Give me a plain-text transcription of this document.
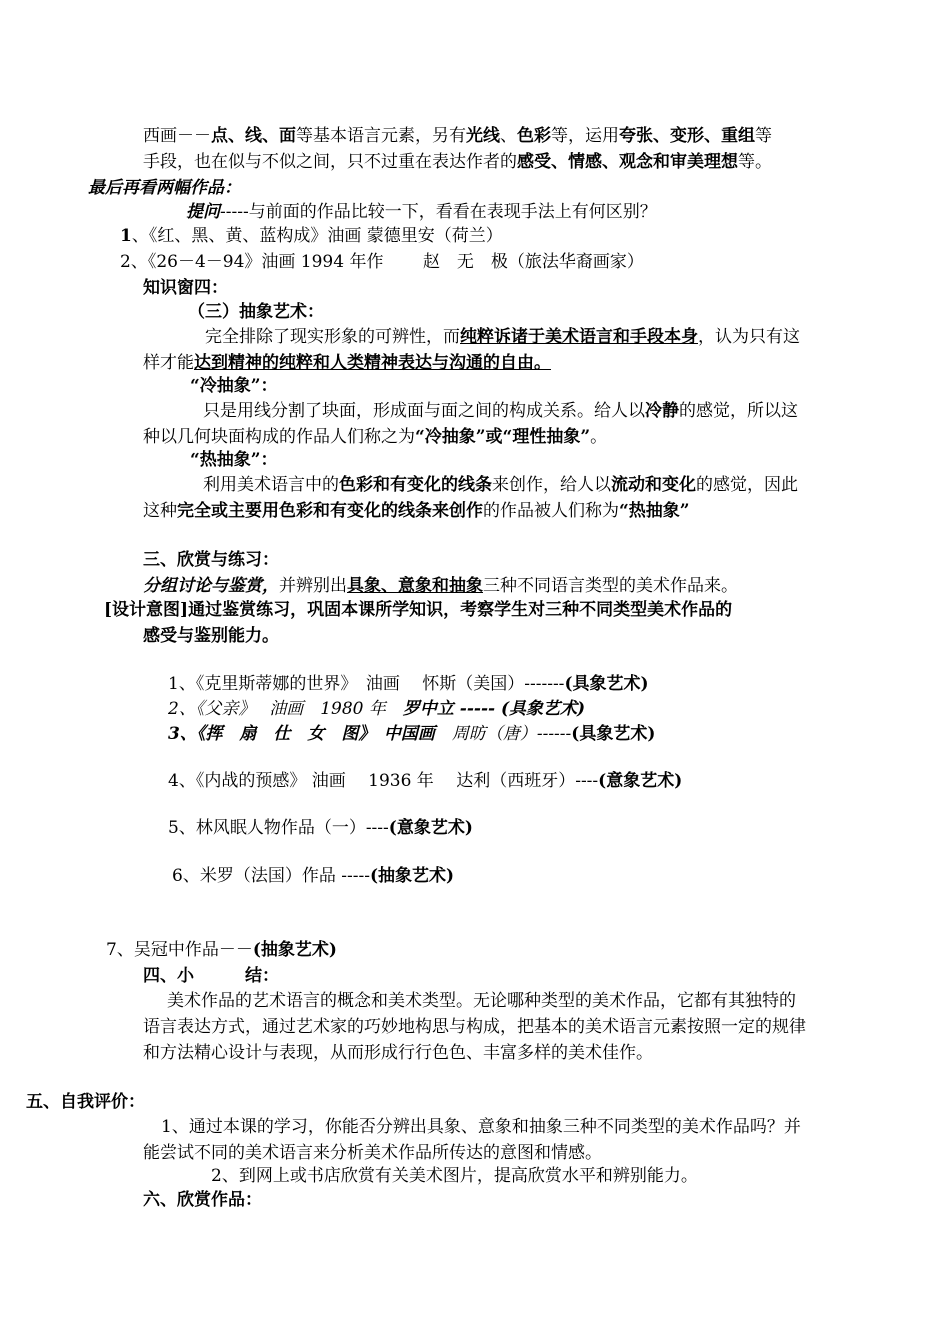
西画－－点、线、面等基本语言元素，另有光线、色彩等，运用夸张、变形、重组等
手段，也在似与不似之间，只不过重在表达作者的感受、情感、观念和审美理想等。
最后再看两幅作品：
提问-----与前面的作品比较一下，看看在表现手法上有何区别？
1、《红、黑、黄、蓝构成》油画 蒙德里安（荷兰）
2、《26－4－94》油画 1994 年作　　 赵　无　极（旅法华裔画家）
知识窗四：
（三）抽象艺术：
完全排除了现实形象的可辨性，而纯粹诉诸于美术语言和手段本身，认为只有这样才能达到精神的纯粹和人类精神表达与沟通的自由。
“冷抽象”：
只是用线分割了块面，形成面与面之间的构成关系。给人以冷静的感觉，所以这种以几何块面构成的作品人们称之为“冷抽象”或“理性抽象”。
“热抽象”：
利用美术语言中的色彩和有变化的线条来创作，给人以流动和变化的感觉，因此这种完全或主要用色彩和有变化的线条来创作的作品被人们称为“热抽象”
三、欣赏与练习：
分组讨论与鉴赏，并辨别出具象、意象和抽象三种不同语言类型的美术作品来。
[设计意图]通过鉴赏练习，巩固本课所学知识，考察学生对三种不同类型美术作品的
感受与鉴别能力。
1、《克里斯蒂娜的世界》　油画　 怀斯（美国）-------(具象艺术)
2、《父亲》　 油画　1980 年　罗中立 ----- (具象艺术)
3、《挥　扇　仕　女　图》　中国画　周昉（唐）------(具象艺术)
4、《内战的预感》 油画　 1936 年　 达利（西班牙）----(意象艺术)
5、林风眠人物作品（一）----(意象艺术)
6、米罗（法国）作品 -----(抽象艺术)
7、吴冠中作品－－(抽象艺术)
四、小　　　结：
美术作品的艺术语言的概念和美术类型。无论哪种类型的美术作品，它都有其独特的语言表达方式，通过艺术家的巧妙地构思与构成，把基本的美术语言元素按照一定的规律和方法精心设计与表现，从而形成行行色色、丰富多样的美术佳作。
五、自我评价：
1、通过本课的学习，你能否分辨出具象、意象和抽象三种不同类型的美术作品吗？并能尝试不同的美术语言来分析美术作品所传达的意图和情感。
2、到网上或书店欣赏有关美术图片，提高欣赏水平和辨别能力。
六、欣赏作品：
